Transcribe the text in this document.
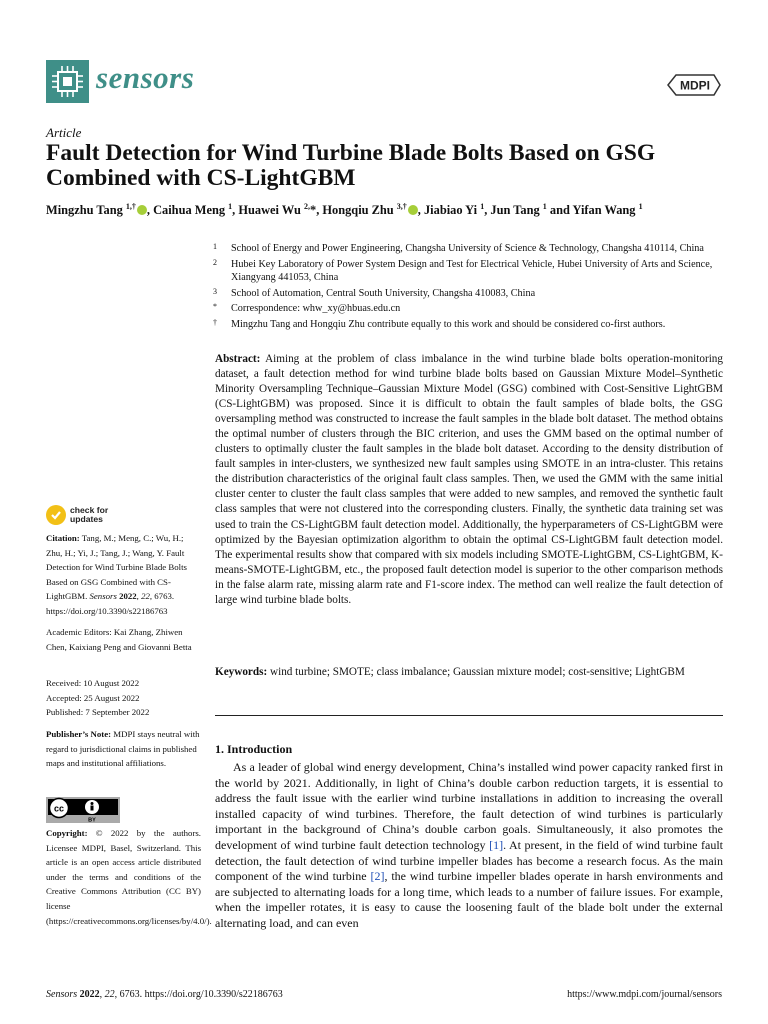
sensors	MDPI
Article
Fault Detection for Wind Turbine Blade Bolts Based on GSG Combined with CS-LightGBM
Mingzhu Tang $^{1,\dagger}$ , Caihua Meng $^1$, Huawei Wu $^{2,}$*, Hongqiu Zhu $^{3,\dagger}$ , Jiabiao Yi $^1$, Jun Tang $^1$ and Yifan Wang $^1$
1 School of Energy and Power Engineering, Changsha University of Science & Technology, Changsha 410114, China
2 Hubei Key Laboratory of Power System Design and Test for Electrical Vehicle, Hubei University of Arts and Science, Xiangyang 441053, China
3 School of Automation, Central South University, Changsha 410083, China
* Correspondence: whw_xy@hbuas.edu.cn
† Mingzhu Tang and Hongqiu Zhu contribute equally to this work and should be considered co-first authors.
Abstract: Aiming at the problem of class imbalance in the wind turbine blade bolts operation-monitoring dataset, a fault detection method for wind turbine blade bolts based on Gaussian Mixture Model–Synthetic Minority Oversampling Technique–Gaussian Mixture Model (GSG) combined with Cost-Sensitive LightGBM (CS-LightGBM) was proposed. Since it is difficult to obtain the fault samples of blade bolts, the GSG oversampling method was constructed to increase the fault samples in the blade bolt dataset. The method obtains the optimal number of clusters through the BIC criterion, and uses the GMM based on the optimal number of clusters to optimally cluster the fault samples in the blade bolt dataset. According to the density distribution of fault samples in inter-clusters, we synthesized new fault samples using SMOTE in an intra-cluster. This retains the distribution characteristics of the original fault class samples. Then, we used the GMM with the same initial cluster center to cluster the fault class samples that were added to new samples, and removed the synthetic fault class samples that were not clustered into the corresponding clusters. Finally, the synthetic data training set was used to train the CS-LightGBM fault detection model. Additionally, the hyperparameters of CS-LightGBM were optimized by the Bayesian optimization algorithm to obtain the optimal CS-LightGBM fault detection model. The experimental results show that compared with six models including SMOTE-LightGBM, CS-LightGBM, K-means-SMOTE-LightGBM, etc., the proposed fault detection model is superior to the other comparison methods in the false alarm rate, missing alarm rate and F1-score index. The method can well realize the fault detection of large wind turbine blade bolts.
Keywords: wind turbine; SMOTE; class imbalance; Gaussian mixture model; cost-sensitive; LightGBM
1. Introduction
As a leader of global wind energy development, China’s installed wind power capacity ranked first in the world by 2021. Additionally, in light of China’s double carbon reduction targets, it is essential to address the fault issue with the earlier wind turbine installations in addition to increasing the overall installed capacity of wind turbines. Therefore, the fault detection of wind turbines is particularly important in the background of China’s double carbon goals. Simultaneously, it also promotes the development of wind turbine fault detection technology [1]. At present, in the field of wind turbine fault detection, the fault detection of wind turbine impeller blades has become a research focus. As the main component of the wind turbine [2], the wind turbine impeller blades operate in harsh environments and are subjected to alternating loads for a long time, which leads to a number of failure issues. For example, when the impeller rotates, it is easy to cause the loosening fault of the blade bolt under the external alternating load, and can even
check for
updates
Citation: Tang, M.; Meng, C.; Wu, H.; Zhu, H.; Yi, J.; Tang, J.; Wang, Y. Fault Detection for Wind Turbine Blade Bolts Based on GSG Combined with CS-LightGBM. Sensors 2022, 22, 6763. https://doi.org/10.3390/s22186763
Academic Editors: Kai Zhang, Zhiwen Chen, Kaixiang Peng and Giovanni Betta
Received: 10 August 2022
Accepted: 25 August 2022
Published: 7 September 2022
Publisher’s Note: MDPI stays neutral with regard to jurisdictional claims in published maps and institutional affiliations.
cc
BY
Copyright: © 2022 by the authors. Licensee MDPI, Basel, Switzerland. This article is an open access article distributed under the terms and conditions of the Creative Commons Attribution (CC BY) license (https://creativecommons.org/licenses/by/4.0/).
Sensors 2022, 22, 6763. https://doi.org/10.3390/s22186763	https://www.mdpi.com/journal/sensors
